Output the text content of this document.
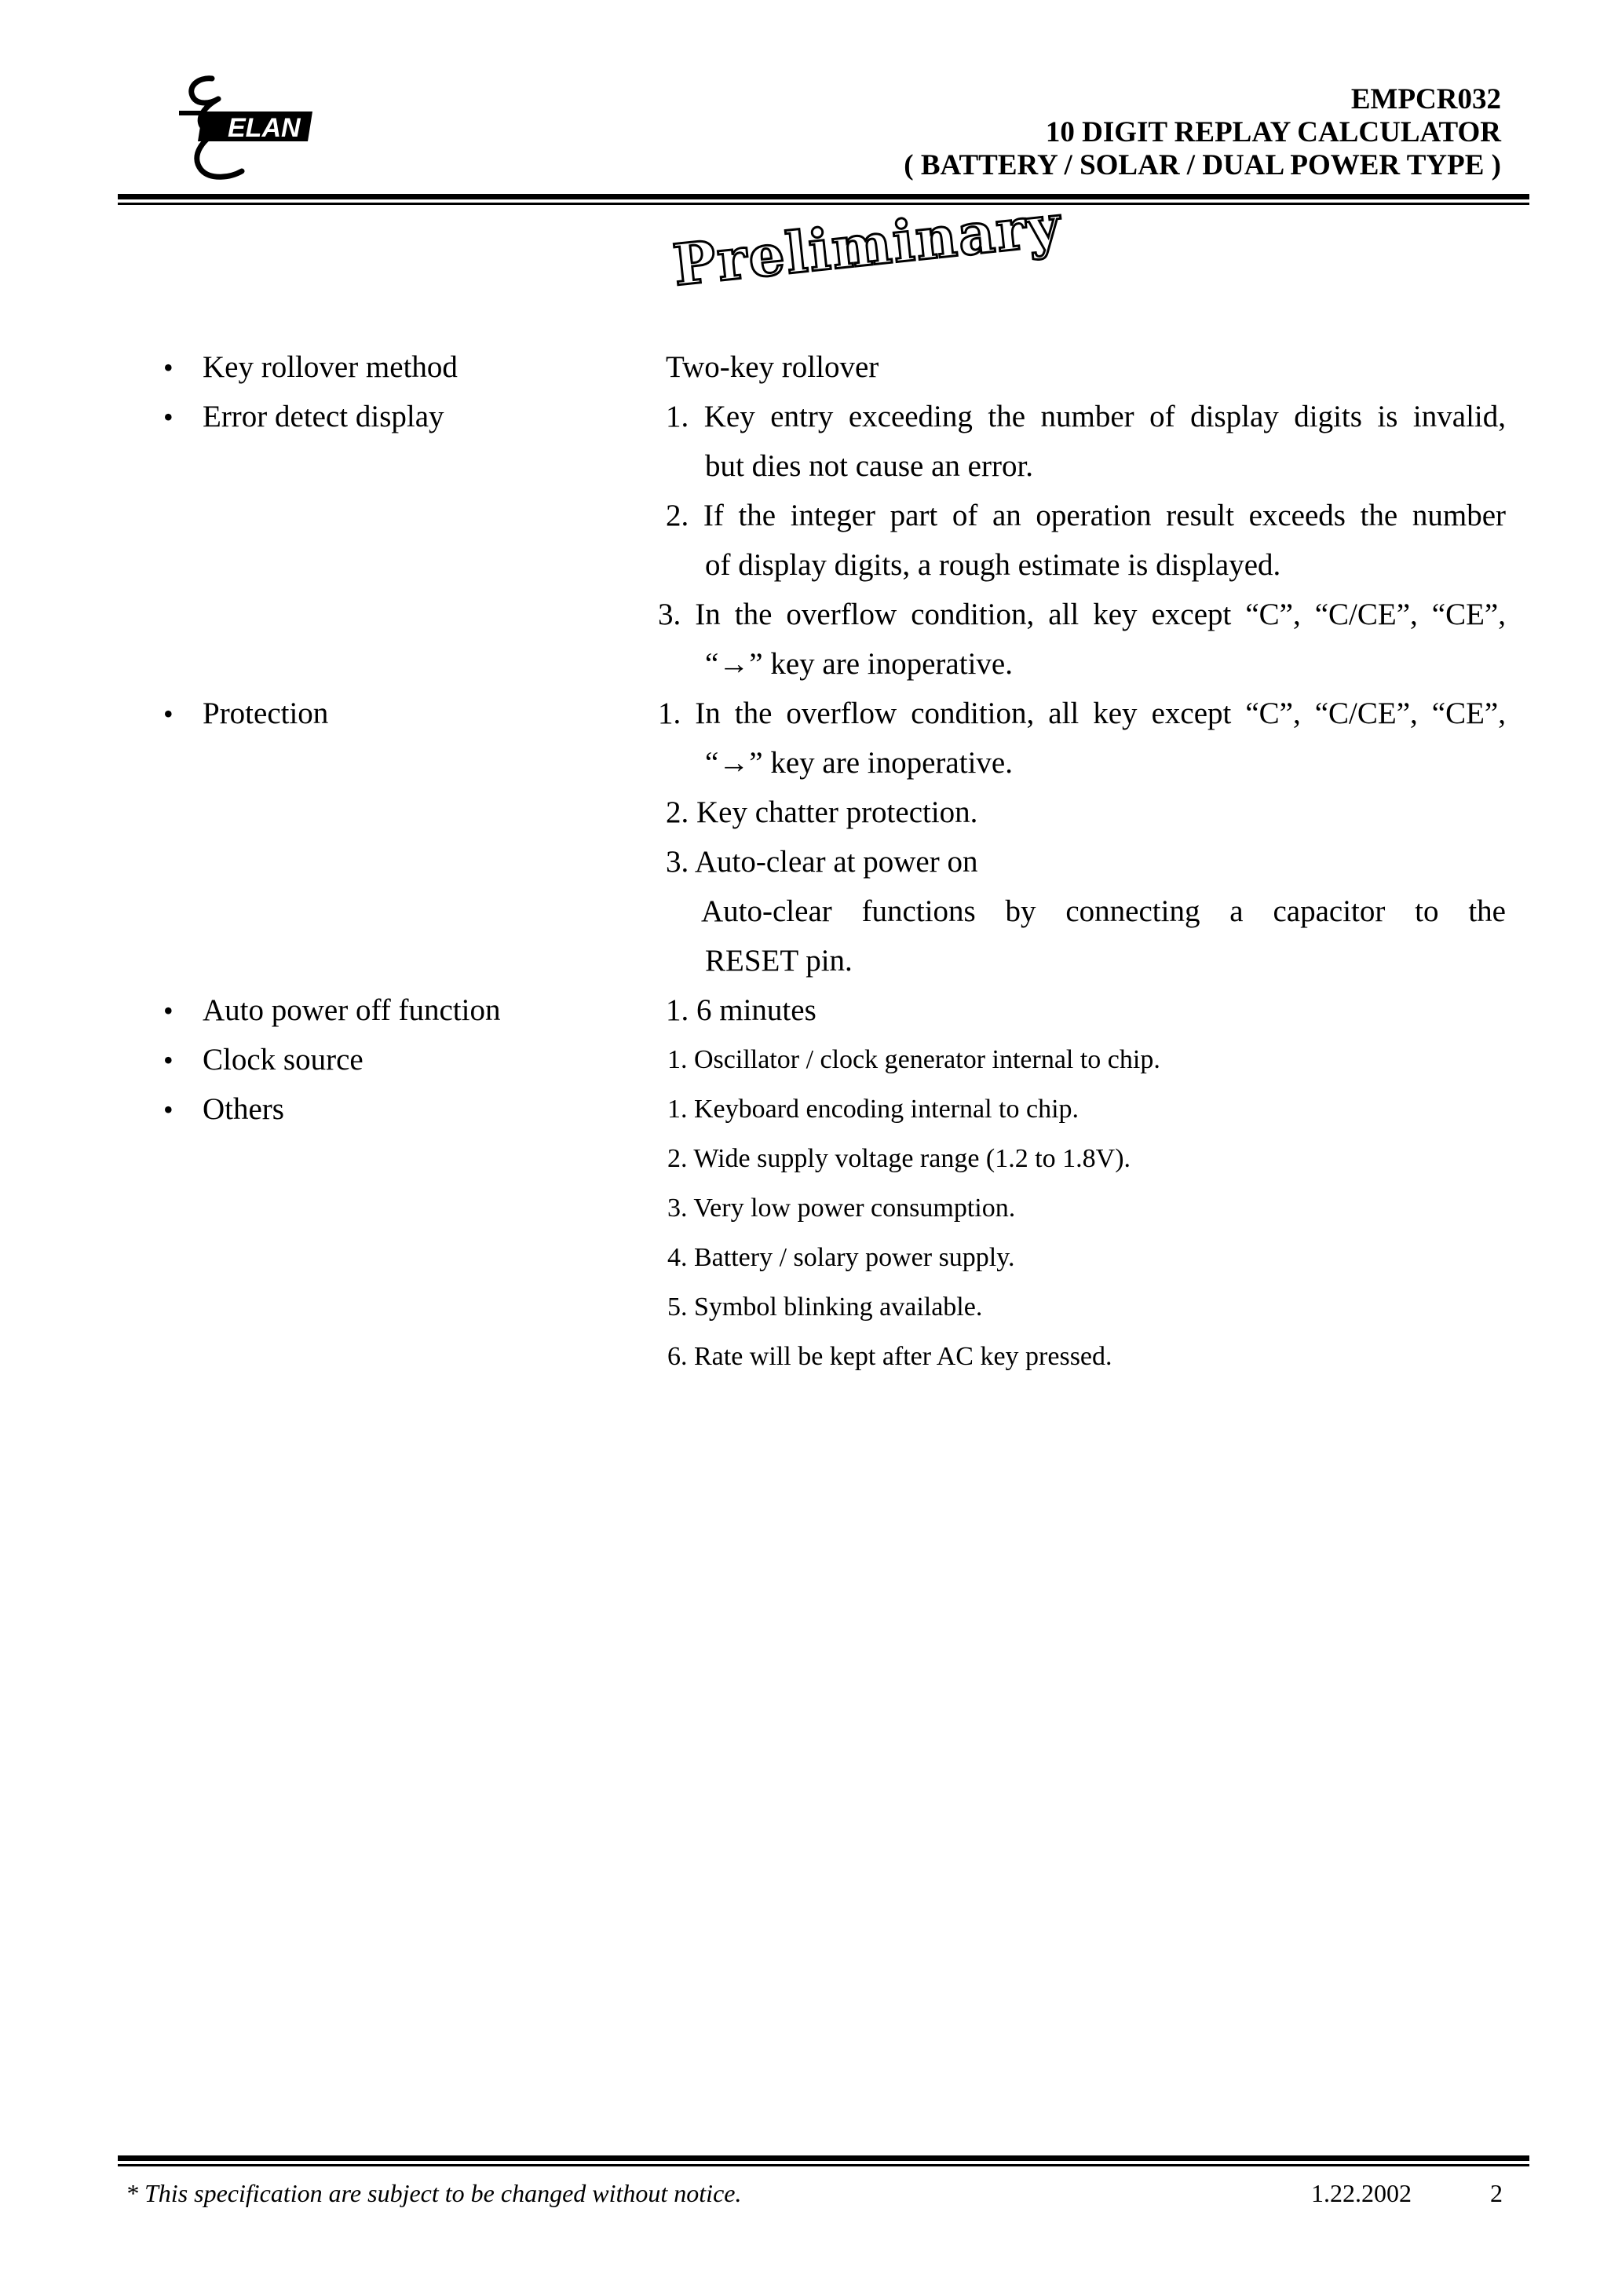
ELAN
EMPCR032
10 DIGIT REPLAY CALCULATOR
( BATTERY / SOLAR / DUAL POWER TYPE )
Preliminary
• Key rollover method	Two-key rollover
• Error detect display	1. Key entry exceeding the number of display digits is invalid,
but dies not cause an error.
2. If the integer part of an operation result exceeds the number
of display digits, a rough estimate is displayed.
3. In the overflow condition, all key except “C”, “C/CE”, “CE”,
“→” key are inoperative.
• Protection	1. In the overflow condition, all key except “C”, “C/CE”, “CE”,
“→” key are inoperative.
2. Key chatter protection.
3. Auto-clear at power on
Auto-clear functions by connecting a capacitor to the
RESET pin.
• Auto power off function	1. 6 minutes
• Clock source	1. Oscillator / clock generator internal to chip.
• Others	1. Keyboard encoding internal to chip.
2. Wide supply voltage range (1.2 to 1.8V).
3. Very low power consumption.
4. Battery / solary power supply.
5. Symbol blinking available.
6. Rate will be kept after AC key pressed.
* This specification are subject to be changed without notice.	1.22.2002	2
